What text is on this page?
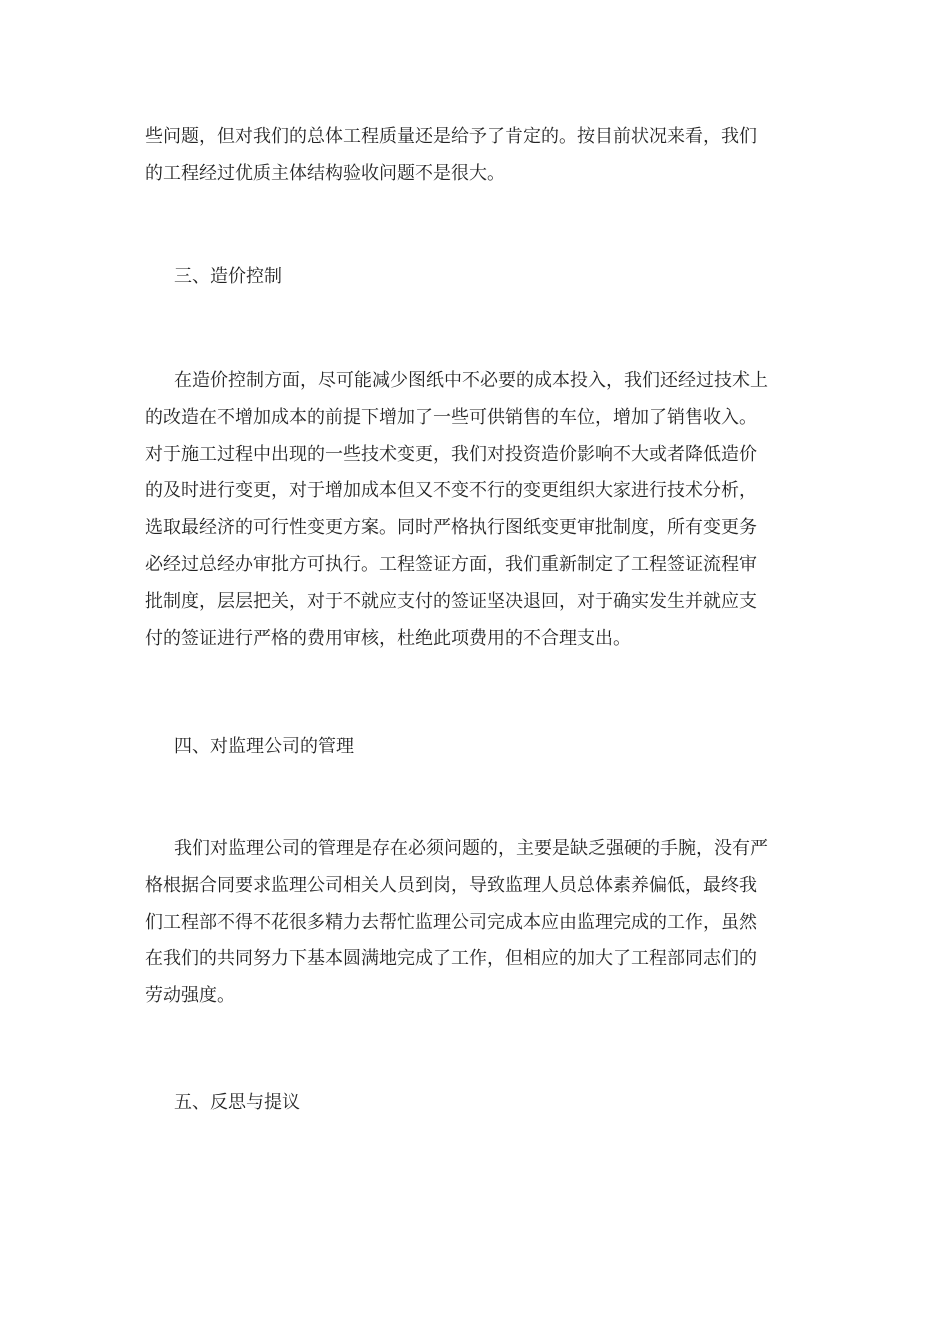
些问题，但对我们的总体工程质量还是给予了肯定的。按目前状况来看，我们
的工程经过优质主体结构验收问题不是很大。
三、造价控制
在造价控制方面，尽可能减少图纸中不必要的成本投入，我们还经过技术上
的改造在不增加成本的前提下增加了一些可供销售的车位，增加了销售收入。
对于施工过程中出现的一些技术变更，我们对投资造价影响不大或者降低造价
的及时进行变更，对于增加成本但又不变不行的变更组织大家进行技术分析，
选取最经济的可行性变更方案。同时严格执行图纸变更审批制度，所有变更务
必经过总经办审批方可执行。工程签证方面，我们重新制定了工程签证流程审
批制度，层层把关，对于不就应支付的签证坚决退回，对于确实发生并就应支
付的签证进行严格的费用审核，杜绝此项费用的不合理支出。
四、对监理公司的管理
我们对监理公司的管理是存在必须问题的，主要是缺乏强硬的手腕，没有严
格根据合同要求监理公司相关人员到岗，导致监理人员总体素养偏低，最终我
们工程部不得不花很多精力去帮忙监理公司完成本应由监理完成的工作，虽然
在我们的共同努力下基本圆满地完成了工作，但相应的加大了工程部同志们的
劳动强度。
五、反思与提议
